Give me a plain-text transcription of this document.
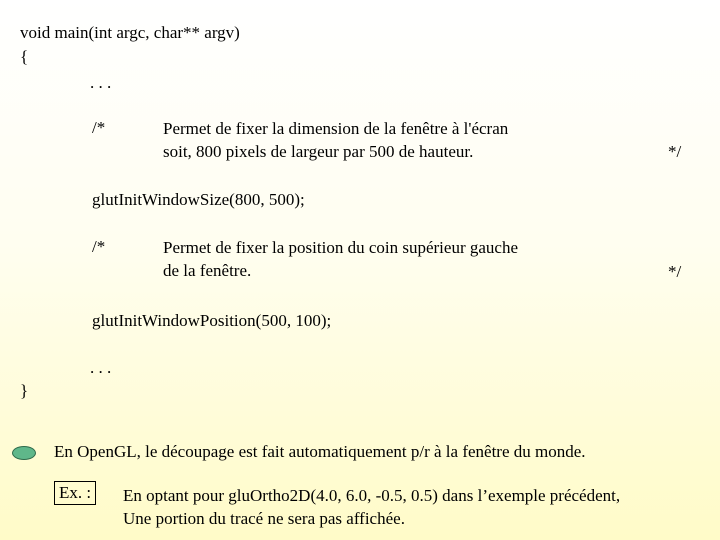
void main(int argc, char** argv)
{
. . .
/*	Permet de fixer la dimension de la fenêtre à l'écran
soit, 800 pixels de largeur par 500 de hauteur.	*/
glutInitWindowSize(800, 500);
/*	Permet de fixer la position du coin supérieur gauche
de la fenêtre.	*/
glutInitWindowPosition(500, 100);
. . .
}
En OpenGL, le découpage est fait automatiquement p/r à la fenêtre du monde.
Ex. : En optant pour gluOrtho2D(4.0, 6.0, -0.5, 0.5) dans l’exemple précédent,
Une portion du tracé ne sera pas affichée.
